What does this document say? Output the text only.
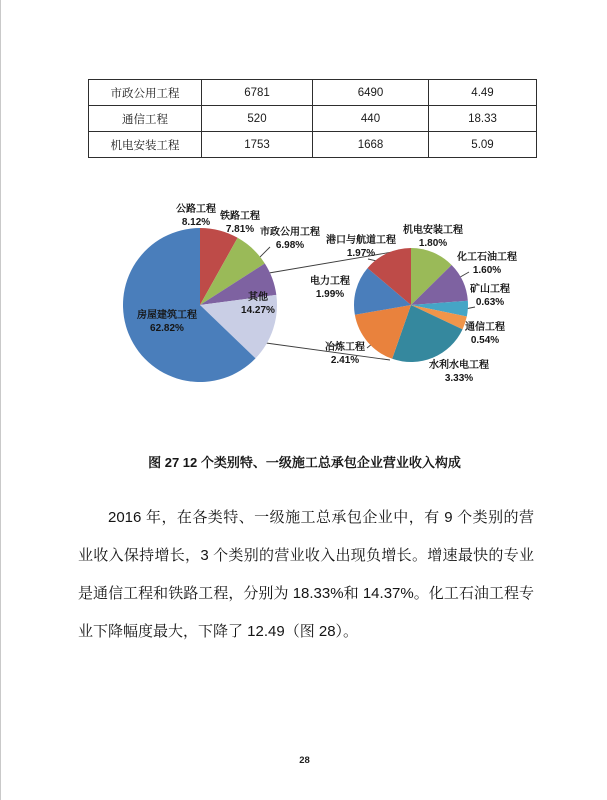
市政公用工程	6781	6490	4.49
通信工程	520	440	18.33
机电安装工程	1753	1668	5.09
公路工程
8.12% 铁路工程
7.81% 市政公用工程
6.98%
其他
14.27%
房屋建筑工程
62.82%
机电安装工程
1.80%
化工石油工程
1.60%
矿山工程
0.63%
通信工程
0.54%
水利水电工程
3.33%
冶炼工程
2.41%
电力工程
1.99%
港口与航道工程
1.97%
图 27 12 个类别特、一级施工总承包企业营业收入构成
2016 年，在各类特、一级施工总承包企业中，有 9 个类别的营业收入保持增长，3 个类别的营业收入出现负增长。增速最快的专业是通信工程和铁路工程，分别为 18.33%和 14.37%。化工石油工程专业下降幅度最大，下降了 12.49（图 28）。
28
